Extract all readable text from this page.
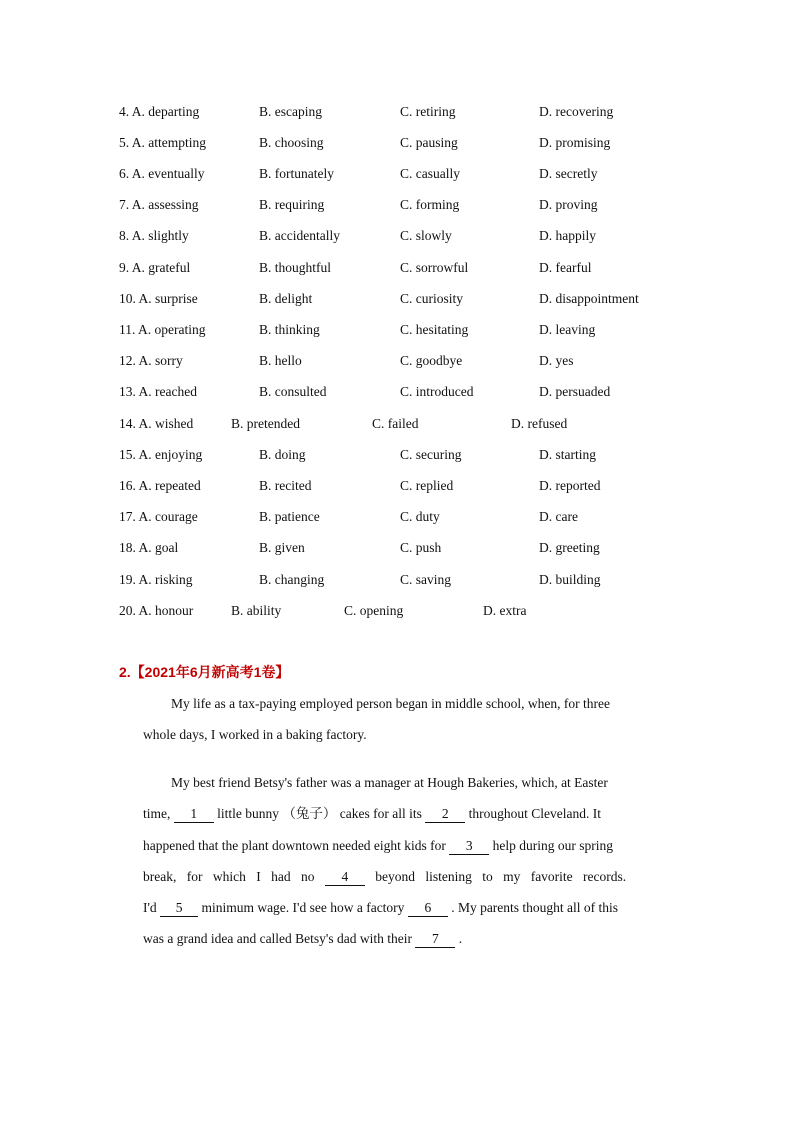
4. A. departing	B. escaping	C. retiring	D. recovering
5. A. attempting	B. choosing	C. pausing	D. promising
6. A. eventually	B. fortunately	C. casually	D. secretly
7. A. assessing	B. requiring	C. forming	D. proving
8. A. slightly	B. accidentally	C. slowly	D. happily
9. A. grateful	B. thoughtful	C. sorrowful	D. fearful
10. A. surprise	B. delight	C. curiosity	D. disappointment
11. A. operating	B. thinking	C. hesitating	D. leaving
12. A. sorry	B. hello	C. goodbye	D. yes
13. A. reached	B. consulted	C. introduced	D. persuaded
14. A. wished	B. pretended	C. failed	D. refused
15. A. enjoying	B. doing	C. securing	D. starting
16. A. repeated	B. recited	C. replied	D. reported
17. A. courage	B. patience	C. duty	D. care
18. A. goal	B. given	C. push	D. greeting
19. A. risking	B. changing	C. saving	D. building
20. A. honour	B. ability	C. opening	D. extra
2.【2021年6月新高考1卷】
My life as a tax-paying employed person began in middle school, when, for three
whole days, I worked in a baking factory.
My best friend Betsy's father was a manager at Hough Bakeries, which, at Easter
time, 1 little bunny （兔子） cakes for all its 2 throughout Cleveland. It
happened that the plant downtown needed eight kids for 3 help during our spring
break, for which I had no 4 beyond listening to my favorite records.
I'd 5 minimum wage. I'd see how a factory 6 . My parents thought all of this
was a grand idea and called Betsy's dad with their 7 .
